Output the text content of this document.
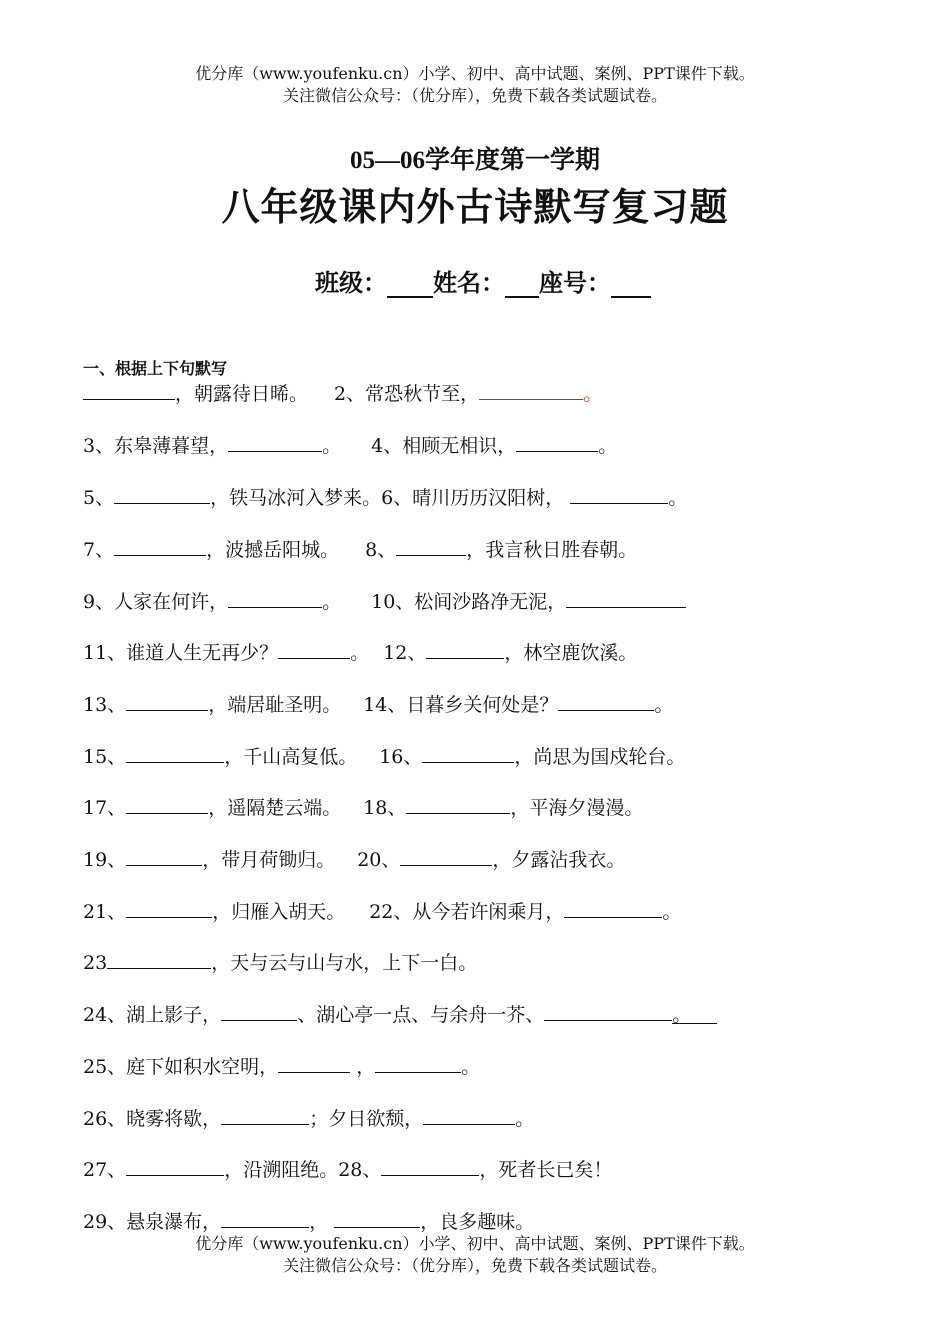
优分库（www.youfenku.cn）小学、初中、高中试题、案例、PPT课件下载。
关注微信公众号：（优分库），免费下载各类试题试卷。
05—06学年度第一学期
八年级课内外古诗默写复习题
班级： 姓名： 座号：
一、根据上下句默写
，朝露待日晞。 2、常恐秋节至，	。
3、东皋薄暮望，	。 4、相顾无相识，	。
5、	，铁马冰河入梦来。6、晴川历历汉阳树，	。
7、	，波撼岳阳城。 8、	，我言秋日胜春朝。
9、人家在何许，	。 10、松间沙路净无泥，
11、谁道人生无再少？	。 12、	，林空鹿饮溪。
13、	，端居耻圣明。 14、日暮乡关何处是？	。
15、	，千山高复低。 16、	，尚思为国戍轮台。
17、	，遥隔楚云端。 18、	，平海夕漫漫。
19、	，带月荷锄归。 20、	，夕露沾我衣。
21、	，归雁入胡天。 22、从今若许闲乘月，	。
23	，天与云与山与水，上下一白。
24、湖上影子，	、湖心亭一点、与余舟一芥、	。
25、庭下如积水空明，	，	。
26、晓雾将歇，	；夕日欲颓，	。
27、	，沿溯阻绝。28、	，死者长已矣！
29、悬泉瀑布，	，	，良多趣味。
优分库（www.youfenku.cn）小学、初中、高中试题、案例、PPT课件下载。
关注微信公众号：（优分库），免费下载各类试题试卷。
